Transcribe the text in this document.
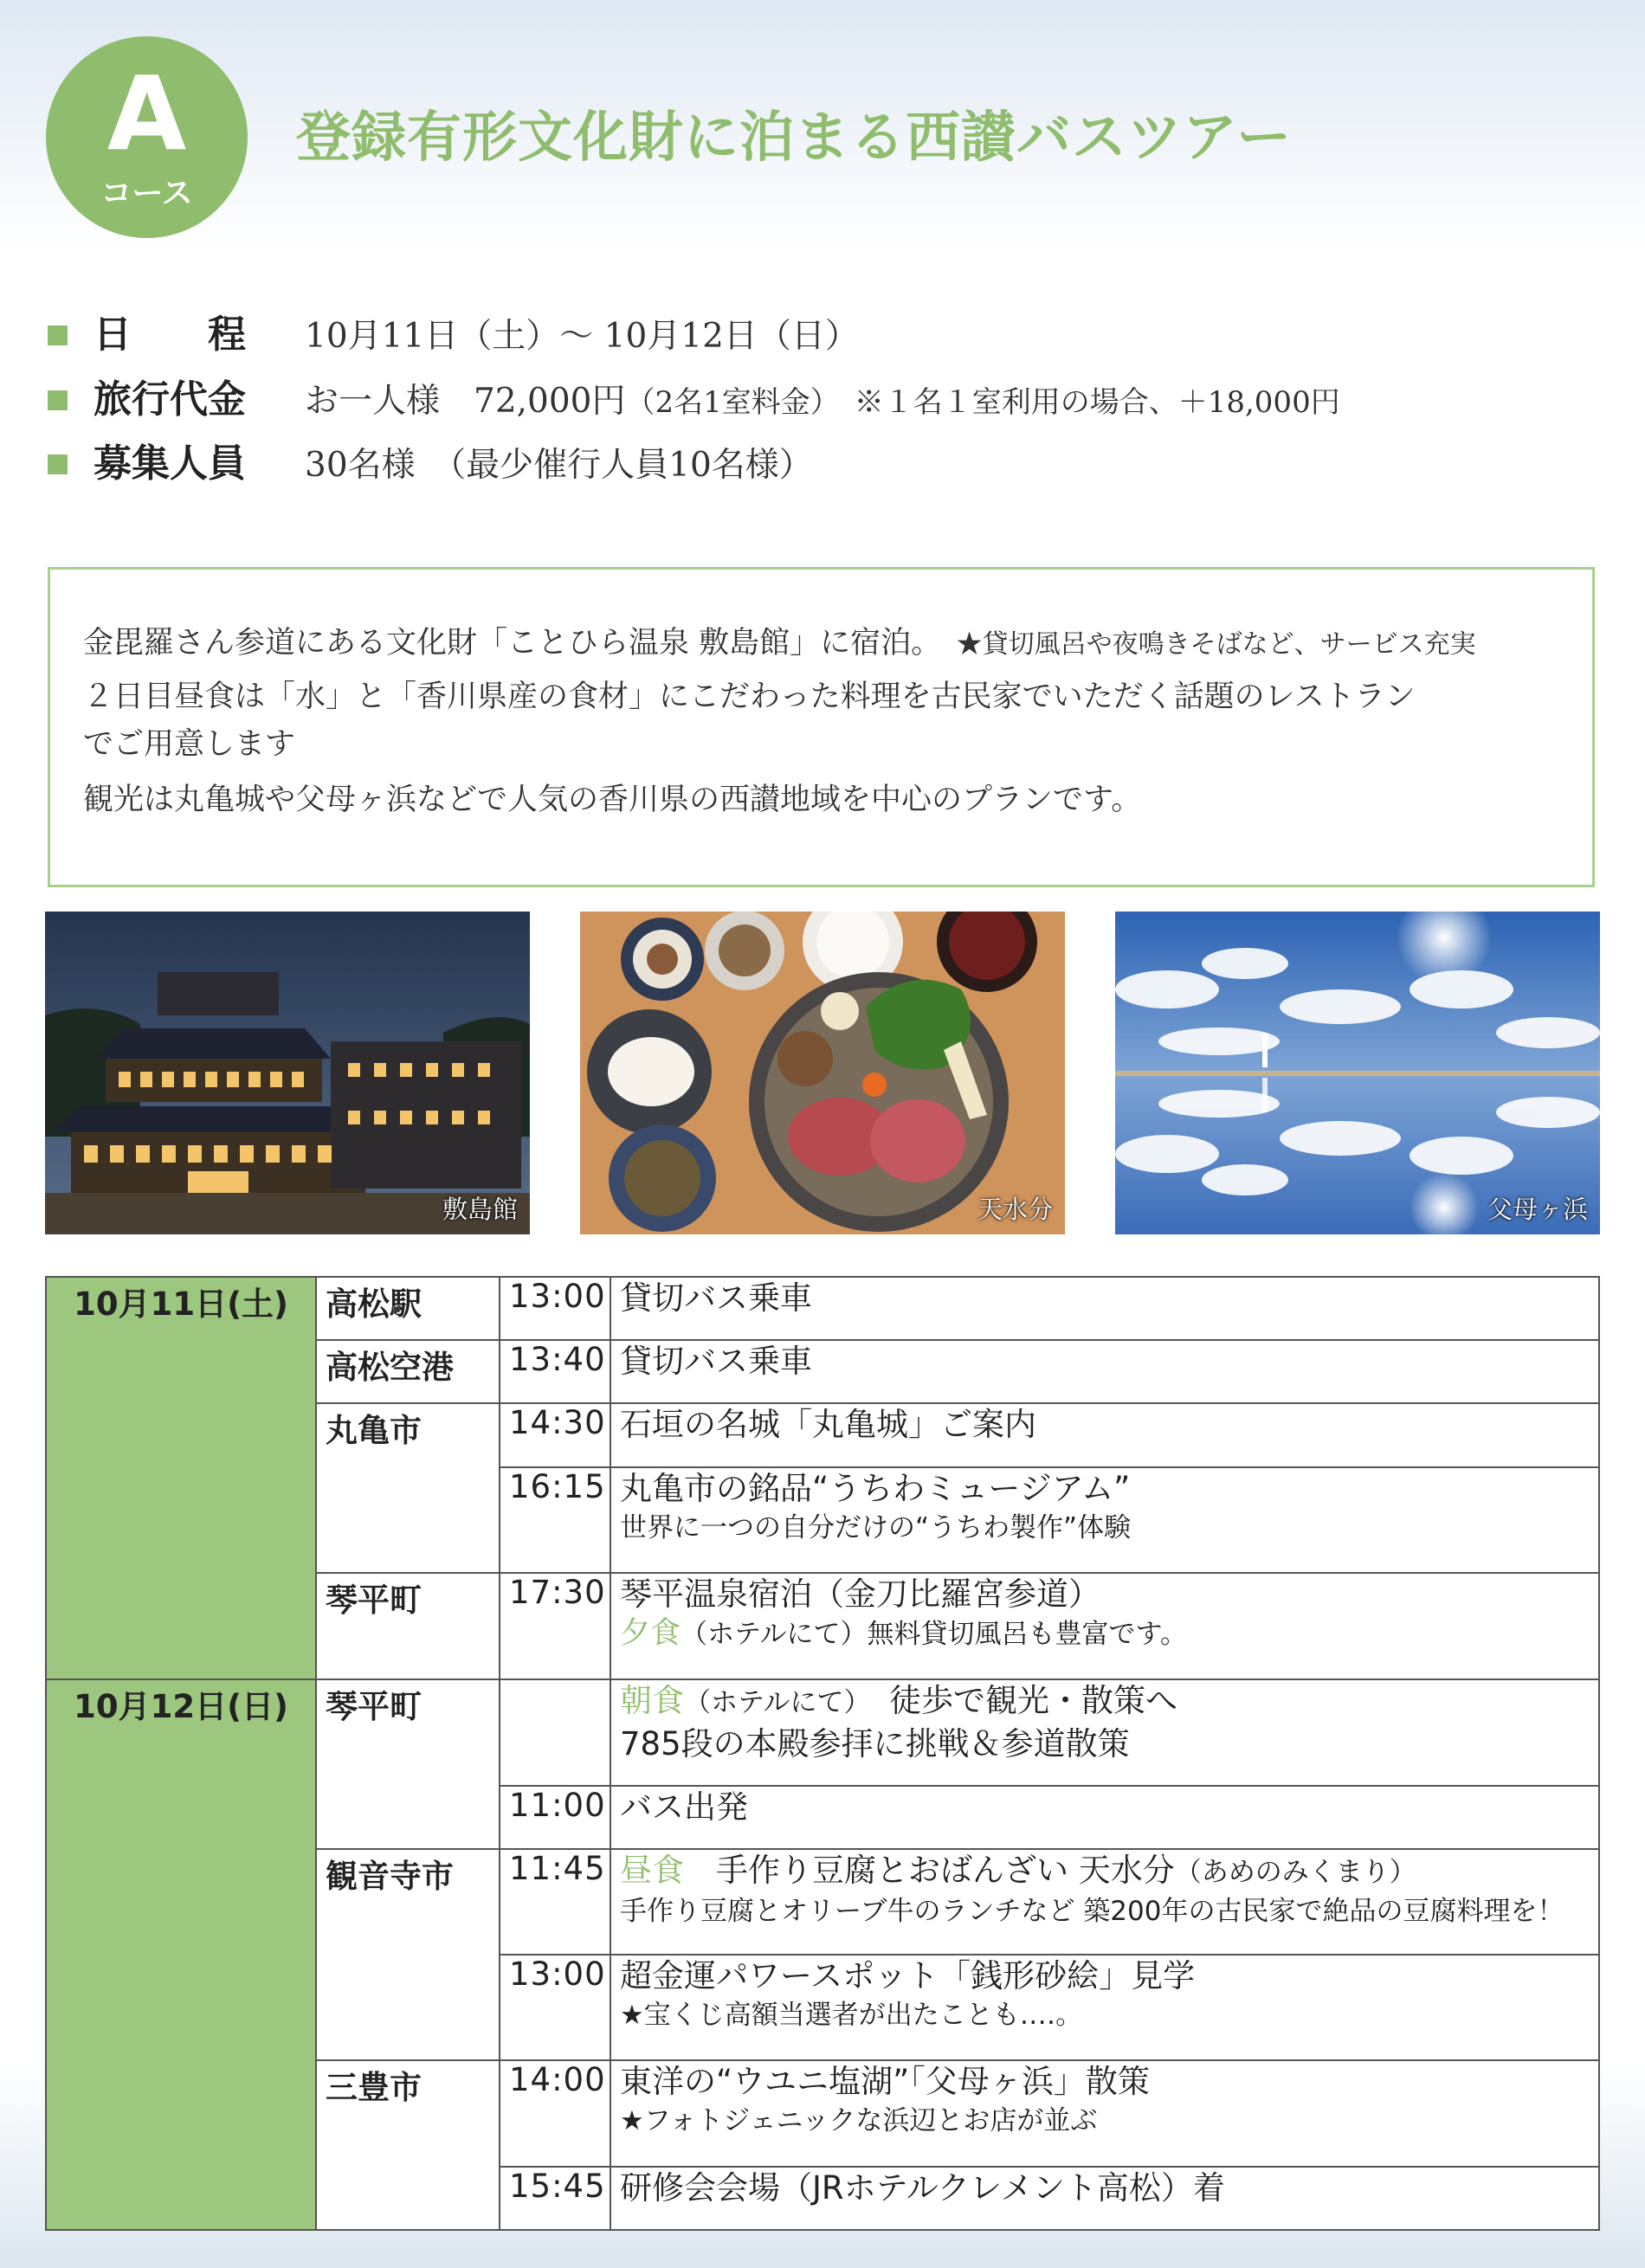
A
コース
登録有形文化財に泊まる西讃バスツアー
日　　程 10月11日（土）～ 10月12日（日）
旅行代金 お一人様　72,000円（2名1室料金）　※１名１室利用の場合、＋18,000円
募集人員 30名様　（最少催行人員10名様）

金毘羅さん参道にある文化財「ことひら温泉 敷島館」に宿泊。　 ★貸切風呂や夜鳴きそばなど、サービス充実

２日目昼食は「水」と「香川県産の食材」にこだわった料理を古民家でいただく話題のレストラン

でご用意します

観光は丸亀城や父母ヶ浜などで人気の香川県の西讃地域を中心のプランです。

敷島館	天水分	父母ヶ浜
10月11日(土)	高松駅	13:00	貸切バス乗車

	高松空港	13:40	貸切バス乗車

	丸亀市	14:30	石垣の名城「丸亀城」ご案内

		16:15	丸亀市の銘品“うちわミュージアム”
世界に一つの自分だけの“うちわ製作”体験

	琴平町	17:30	琴平温泉宿泊（金刀比羅宮参道）
夕食（ホテルにて）無料貸切風呂も豊富です。

10月12日(日)	琴平町		朝食（ホテルにて）　徒歩で観光・散策へ
785段の本殿参拝に挑戦＆参道散策

		11:00	バス出発

	観音寺市	11:45	昼食　手作り豆腐とおばんざい 天水分（あめのみくまり）
手作り豆腐とオリーブ牛のランチなど 築200年の古民家で絶品の豆腐料理を！

		13:00	超金運パワースポット「銭形砂絵」見学
★宝くじ高額当選者が出たことも‥‥。

	三豊市	14:00	東洋の“ウユニ塩湖”「父母ヶ浜」散策
★フォトジェニックな浜辺とお店が並ぶ

		15:45	研修会会場（JRホテルクレメント高松）着
